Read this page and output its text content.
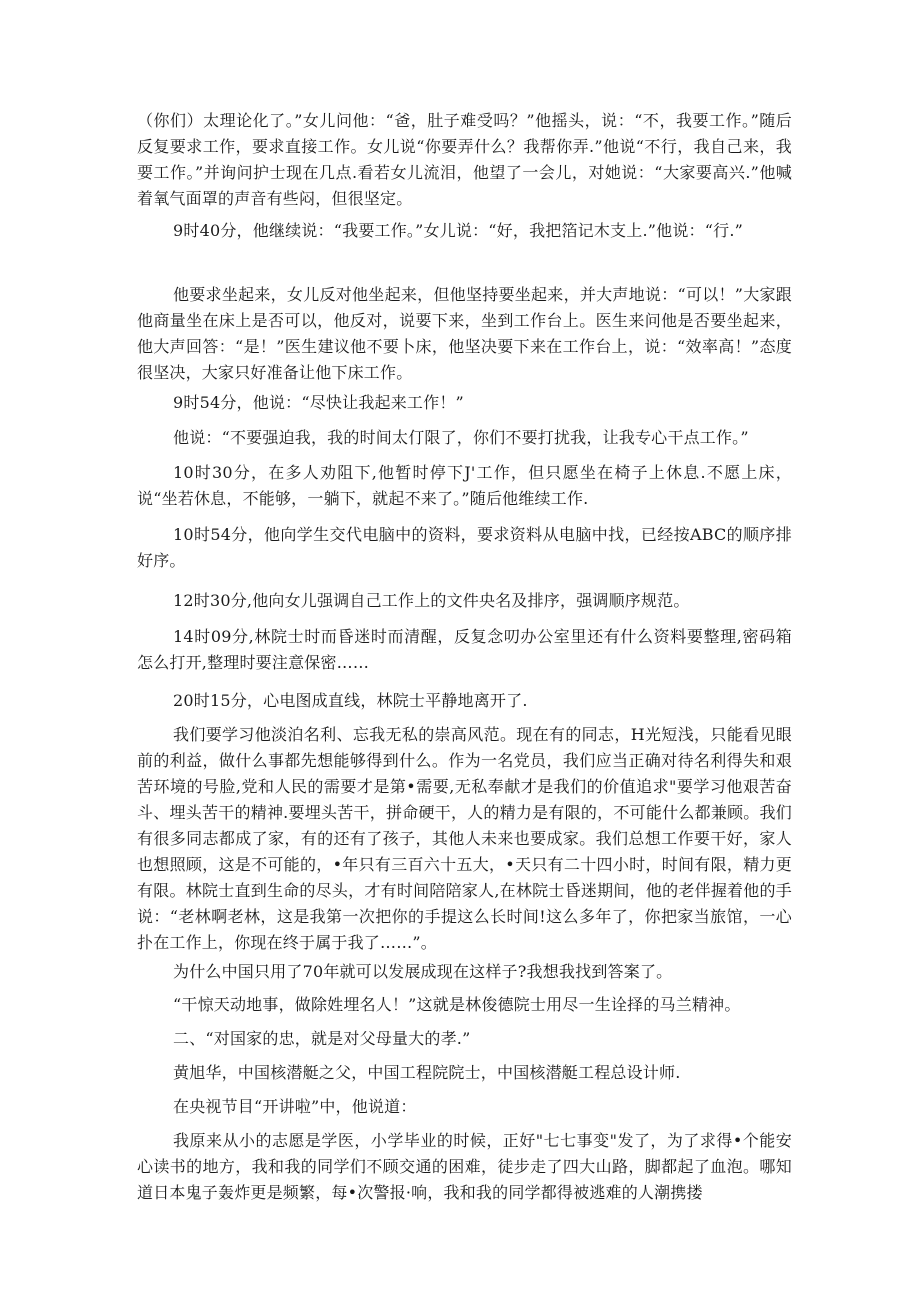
（你们）太理论化了。”女儿问他：“爸，肚子难受吗？”他摇头，说：“不，我要工作。”随后反复要求工作，要求直接工作。女儿说“你要弄什么？我帮你弄.”他说“不行，我自己来，我要工作。”并询问护士现在几点.看若女儿流泪，他望了一会儿，对她说：“大家要高兴.”他喊着氧气面罩的声音有些闷，但很坚定。

9时40分，他继续说：“我要工作。”女儿说：“好，我把箔记木支上.”他说：“行.”

他要求坐起来，女儿反对他坐起来，但他坚持要坐起来，并大声地说：“可以！”大家跟他商量坐在床上是否可以，他反对，说要下来，坐到工作台上。医生来问他是否要坐起来，他大声回答：“是！”医生建议他不要卜床，他坚决要下来在工作台上，说：“效率高！”态度很坚决，大家只好准备让他下床工作。

9时54分，他说：“尽快让我起来工作！”

他说：“不要强迫我，我的时间太仃限了，你们不要打扰我，让我专心干点工作。”

10时30分，在多人劝阻下,他暂时停下J'工作，但只愿坐在椅子上休息.不愿上床，说“坐若休息，不能够，一躺下，就起不来了。”随后他维续工作.

10时54分，他向学生交代电脑中的资料，要求资料从电脑中找，已经按ABC的顺序排好序。

12时30分,他向女儿强调自己工作上的文件央名及排序，强调顺序规范。

14时09分,林院士时而昏迷时而清醒，反复念叨办公室里还有什么资料要整理,密码箱怎么打开,整理时要注意保密……

20时15分，心电图成直线，林院士平静地离开了.

我们要学习他淡泊名利、忘我无私的崇高风范。现在有的同志，H光短浅，只能看见眼前的利益，做什么事都先想能够得到什么。作为一名党员，我们应当正确对待名利得失和艰苦环境的号脸,党和人民的需要才是第•需要,无私奉献才是我们的价值追求"要学习他艰苦奋斗、埋头苦干的精神.要埋头苦干，拼命硬干，人的精力是有限的，不可能什么都兼顾。我们有很多同志都成了家，有的还有了孩子，其他人未来也要成家。我们总想工作要干好，家人也想照顾，这是不可能的，•年只有三百六十五大，•天只有二十四小时，时间有限，精力更有限。林院士直到生命的尽头，才有时间陪陪家人,在林院士昏迷期间，他的老伴握着他的手说：“老林啊老林，这是我第一次把你的手提这么长时间!这么多年了，你把家当旅馆，一心扑在工作上，你现在终于属于我了……”。

为什么中国只用了70年就可以发展成现在这样子?我想我找到答案了。

“干惊天动地事，做除姓埋名人！”这就是林俊德院士用尽一生诠择的马兰精神。

二、“对国家的忠，就是对父母量大的孝.”

黄旭华，中国核潜艇之父，中国工程院院士，中国核潜艇工程总设计师.

在央视节目“开讲啦”中，他说道：

我原来从小的志愿是学医，小学毕业的时候，正好"七七事变"发了，为了求得•个能安心读书的地方，我和我的同学们不顾交通的困难，徒步走了四大山路，脚都起了血泡。哪知道日本鬼子轰炸更是频繁，每•次警报·响，我和我的同学都得被逃难的人潮携搂
